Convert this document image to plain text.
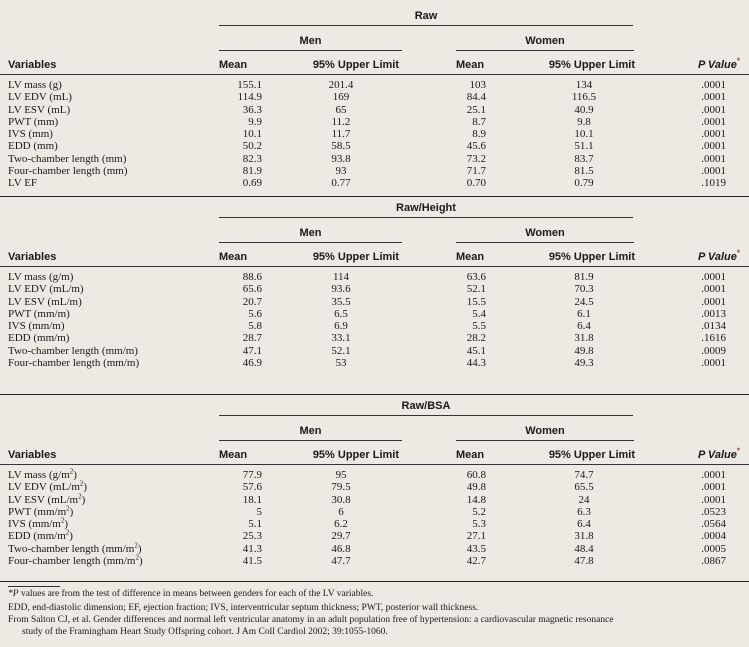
Raw
Men	Women
Variables	Mean	95% Upper Limit	Mean	95% Upper Limit	P Value*
LV mass (g)	155.1	201.4	103	134	.0001
LV EDV (mL)	114.9	169	84.4	116.5	.0001
LV ESV (mL)	36.3	65	25.1	40.9	.0001
PWT (mm)	9.9	11.2	8.7	9.8	.0001
IVS (mm)	10.1	11.7	8.9	10.1	.0001
EDD (mm)	50.2	58.5	45.6	51.1	.0001
Two-chamber length (mm)	82.3	93.8	73.2	83.7	.0001
Four-chamber length (mm)	81.9	93	71.7	81.5	.0001
LV EF	0.69	0.77	0.70	0.79	.1019
Raw/Height
Men	Women
Variables	Mean	95% Upper Limit	Mean	95% Upper Limit	P Value*
LV mass (g/m)	88.6	114	63.6	81.9	.0001
LV EDV (mL/m)	65.6	93.6	52.1	70.3	.0001
LV ESV (mL/m)	20.7	35.5	15.5	24.5	.0001
PWT (mm/m)	5.6	6.5	5.4	6.1	.0013
IVS (mm/m)	5.8	6.9	5.5	6.4	.0134
EDD (mm/m)	28.7	33.1	28.2	31.8	.1616
Two-chamber length (mm/m)	47.1	52.1	45.1	49.8	.0009
Four-chamber length (mm/m)	46.9	53	44.3	49.3	.0001
Raw/BSA
Men	Women
Variables	Mean	95% Upper Limit	Mean	95% Upper Limit	P Value*
LV mass $(g/m^2)$	77.9	95	60.8	74.7	.0001
LV EDV $(mL/m^2)$	57.6	79.5	49.8	65.5	.0001
LV ESV $(mL/m^2)$	18.1	30.8	14.8	24	.0001
PWT $(mm/m^2)$	5	6	5.2	6.3	.0523
IVS $(mm/m^2)$	5.1	6.2	5.3	6.4	.0564
EDD $(mm/m^2)$	25.3	29.7	27.1	31.8	.0004
Two-chamber length $(mm/m^2)$	41.3	46.8	43.5	48.4	.0005
Four-chamber length $(mm/m^2)$	41.5	47.7	42.7	47.8	.0867
*P values are from the test of difference in means between genders for each of the LV variables.
EDD, end-diastolic dimension; EF, ejection fraction; IVS, interventricular septum thickness; PWT, posterior wall thickness.
From Salton CJ, et al. Gender differences and normal left ventricular anatomy in an adult population free of hypertension: a cardiovascular magnetic resonance
study of the Framingham Heart Study Offspring cohort. J Am Coll Cardiol 2002; 39:1055-1060.
